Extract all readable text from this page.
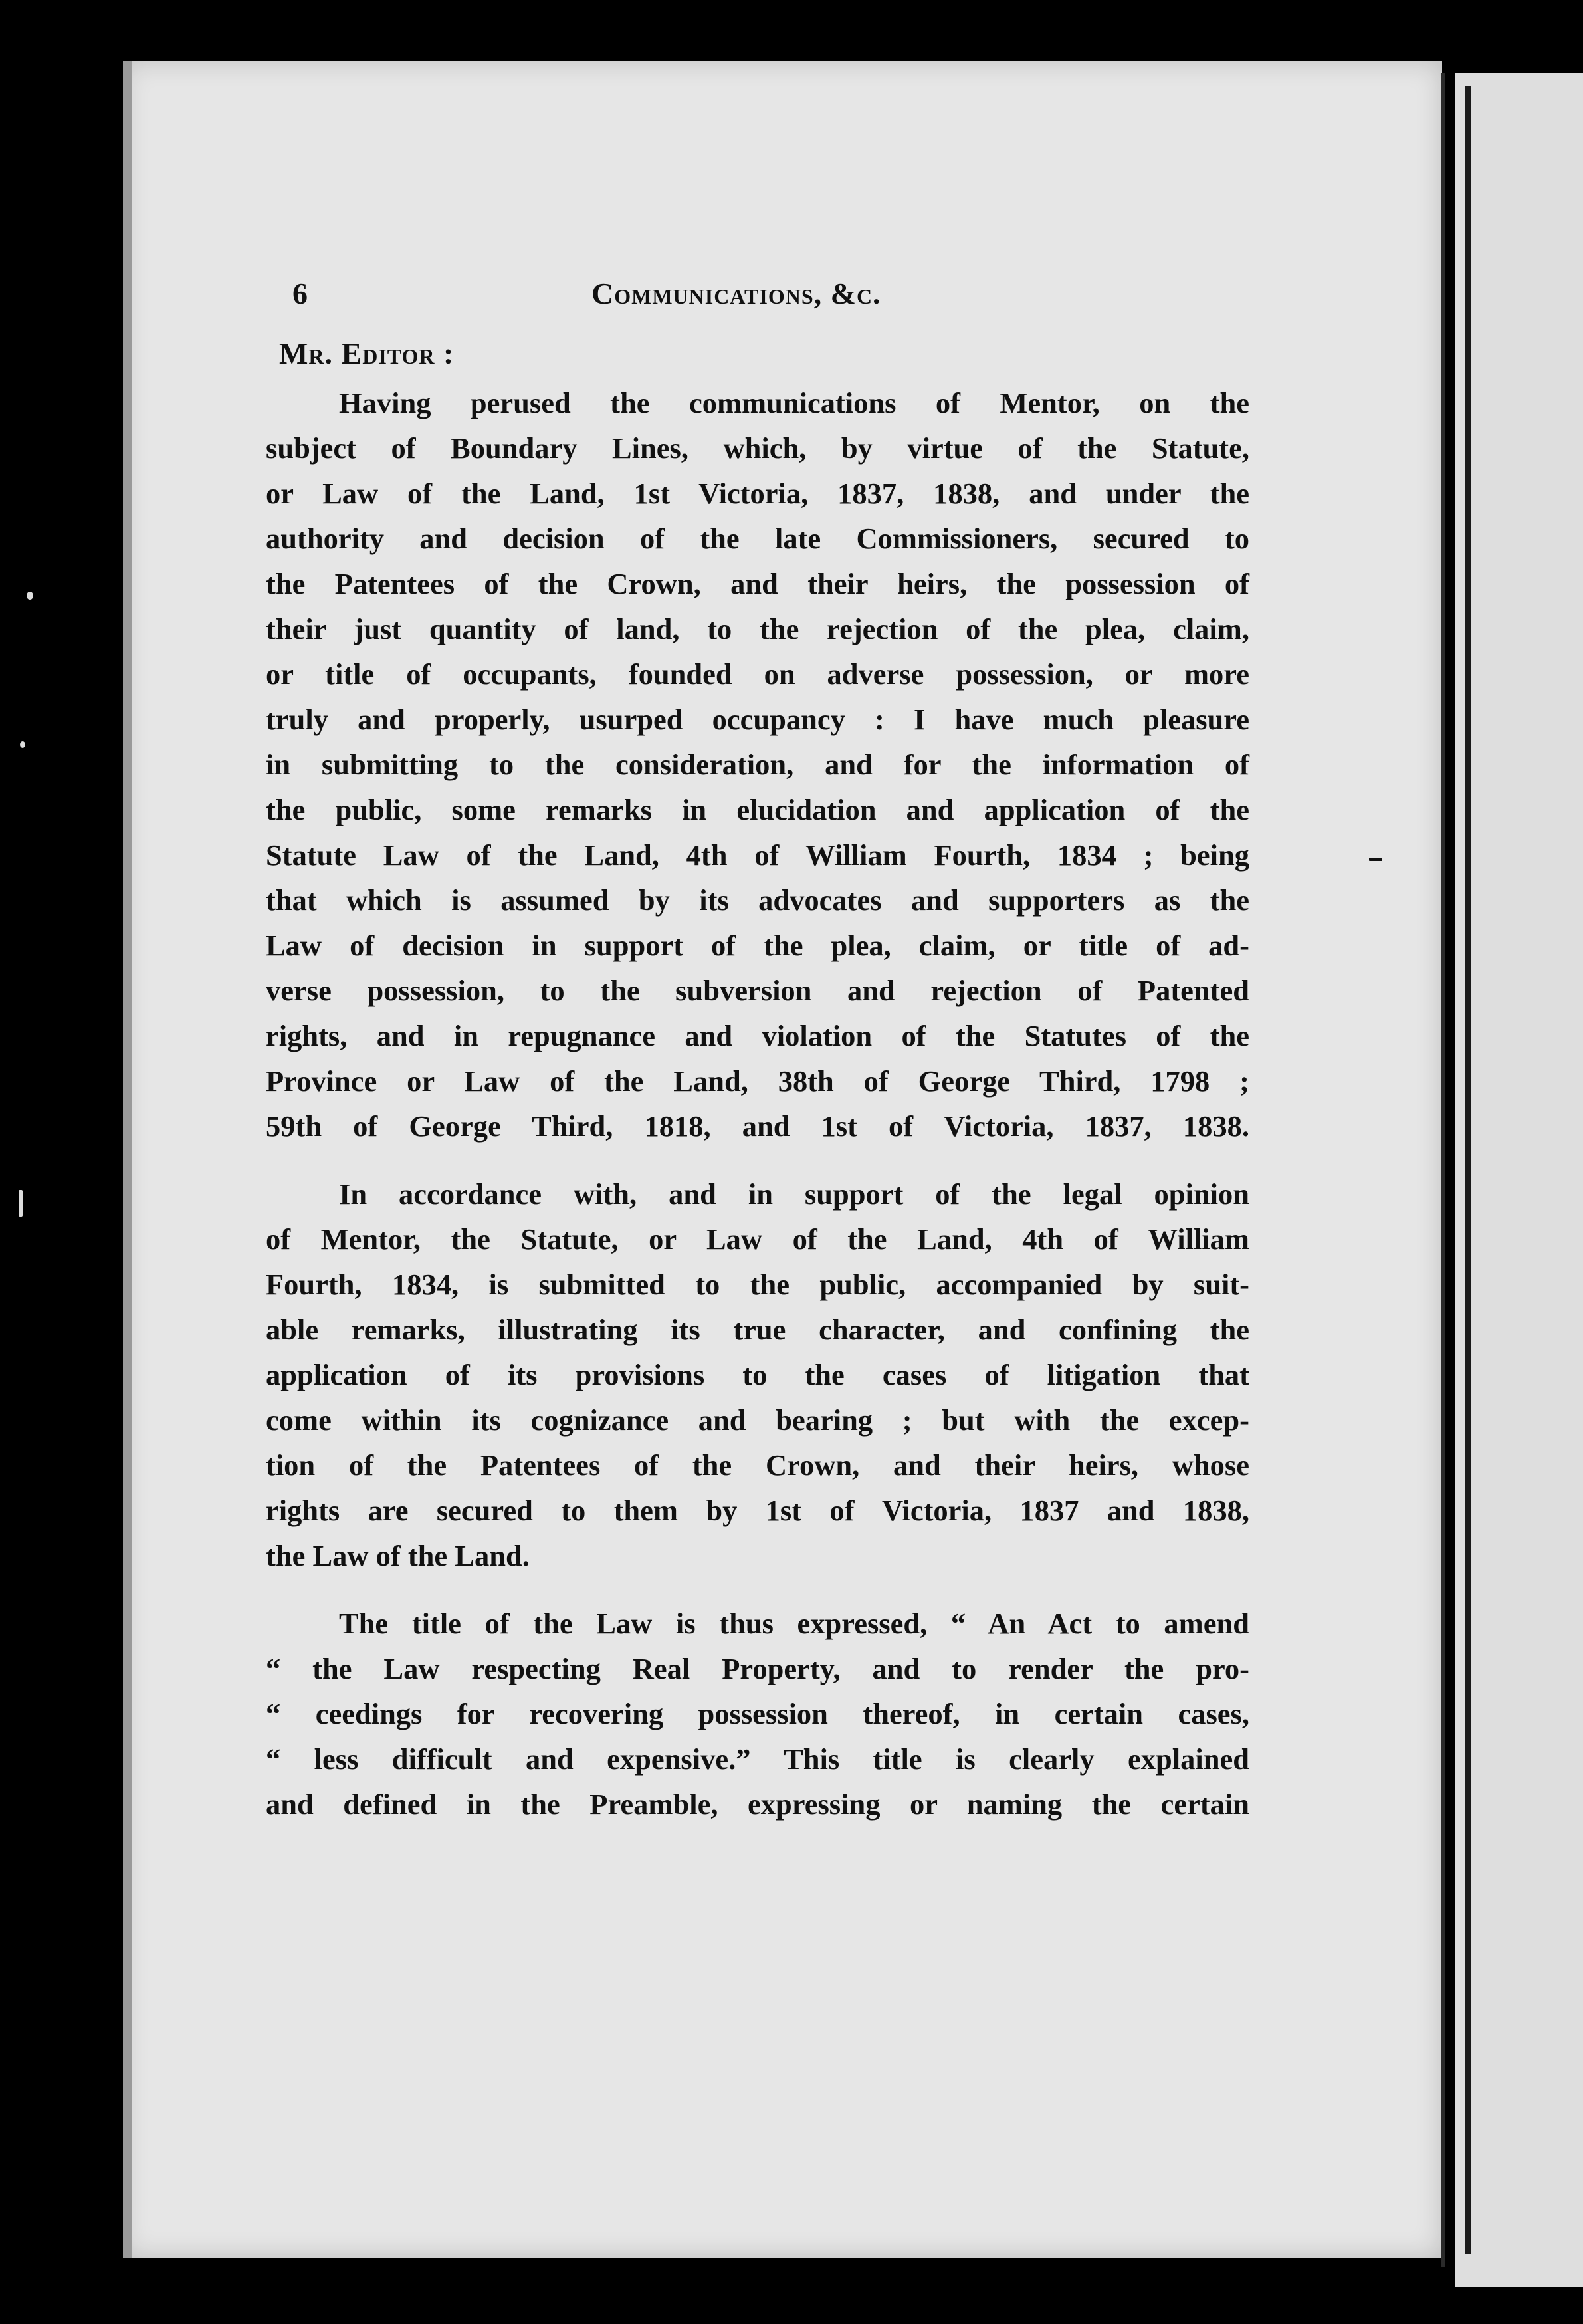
6	Communications, &c.
Mr. Editor :
Having perused the communications of Mentor, on the
subject of Boundary Lines, which, by virtue of the Statute,
or Law of the Land, 1st Victoria, 1837, 1838, and under the
authority and decision of the late Commissioners, secured to
the Patentees of the Crown, and their heirs, the possession of
their just quantity of land, to the rejection of the plea, claim,
or title of occupants, founded on adverse possession, or more
truly and properly, usurped occupancy : I have much pleasure
in submitting to the consideration, and for the information of
the public, some remarks in elucidation and application of the
Statute Law of the Land, 4th of William Fourth, 1834 ; being
that which is assumed by its advocates and supporters as the
Law of decision in support of the plea, claim, or title of ad-
verse possession, to the subversion and rejection of Patented
rights, and in repugnance and violation of the Statutes of the
Province or Law of the Land, 38th of George Third, 1798 ;
59th of George Third, 1818, and 1st of Victoria, 1837, 1838.
In accordance with, and in support of the legal opinion
of Mentor, the Statute, or Law of the Land, 4th of William
Fourth, 1834, is submitted to the public, accompanied by suit-
able remarks, illustrating its true character, and confining the
application of its provisions to the cases of litigation that
come within its cognizance and bearing ; but with the excep-
tion of the Patentees of the Crown, and their heirs, whose
rights are secured to them by 1st of Victoria, 1837 and 1838,
the Law of the Land.
The title of the Law is thus expressed, “ An Act to amend
“ the Law respecting Real Property, and to render the pro-
“ ceedings for recovering possession thereof, in certain cases,
“ less difficult and expensive.” This title is clearly explained
and defined in the Preamble, expressing or naming the certain
